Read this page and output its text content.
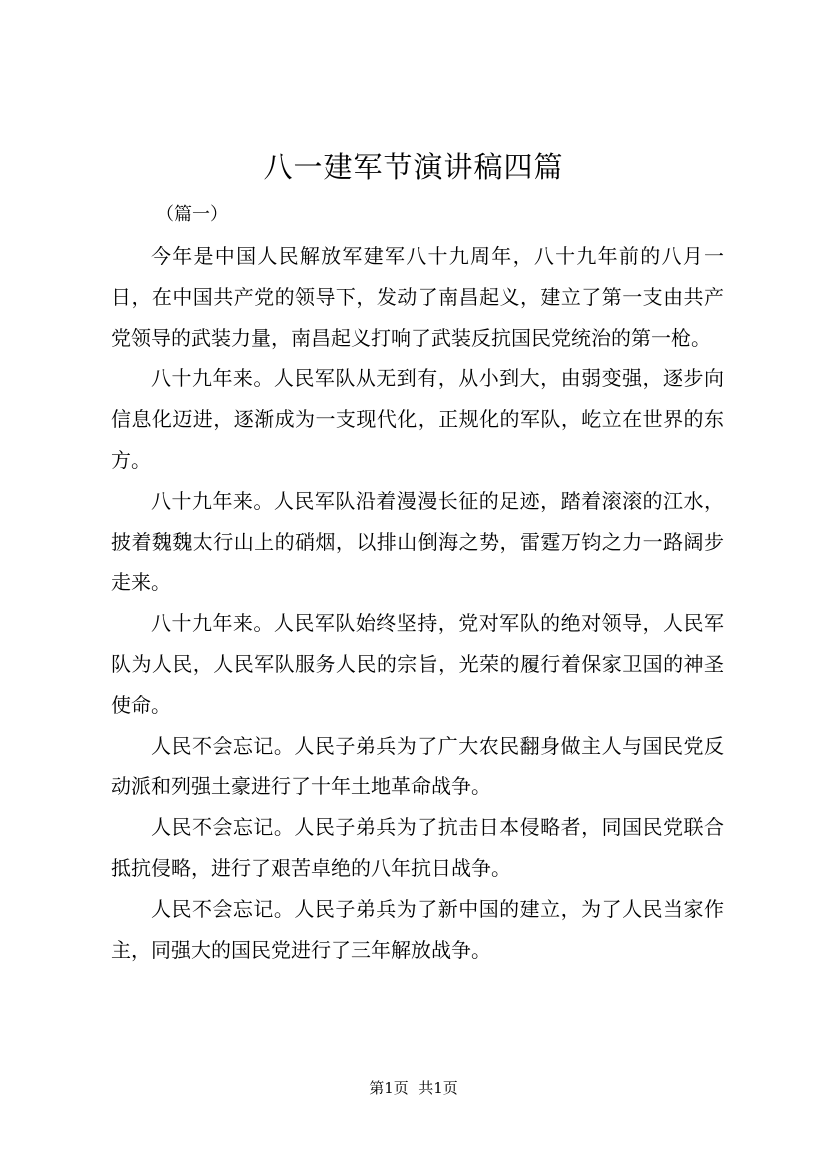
八一建军节演讲稿四篇

（篇一）

今年是中国人民解放军建军八十九周年，八十九年前的八月一日，在中国共产党的领导下，发动了南昌起义，建立了第一支由共产党领导的武装力量，南昌起义打响了武装反抗国民党统治的第一枪。

八十九年来。人民军队从无到有，从小到大，由弱变强，逐步向信息化迈进，逐渐成为一支现代化，正规化的军队，屹立在世界的东方。

八十九年来。人民军队沿着漫漫长征的足迹，踏着滚滚的江水，披着魏魏太行山上的硝烟，以排山倒海之势，雷霆万钧之力一路阔步走来。

八十九年来。人民军队始终坚持，党对军队的绝对领导，人民军队为人民，人民军队服务人民的宗旨，光荣的履行着保家卫国的神圣使命。

人民不会忘记。人民子弟兵为了广大农民翻身做主人与国民党反动派和列强土豪进行了十年土地革命战争。

人民不会忘记。人民子弟兵为了抗击日本侵略者，同国民党联合抵抗侵略，进行了艰苦卓绝的八年抗日战争。

人民不会忘记。人民子弟兵为了新中国的建立，为了人民当家作主，同强大的国民党进行了三年解放战争。

第1页  共1页
